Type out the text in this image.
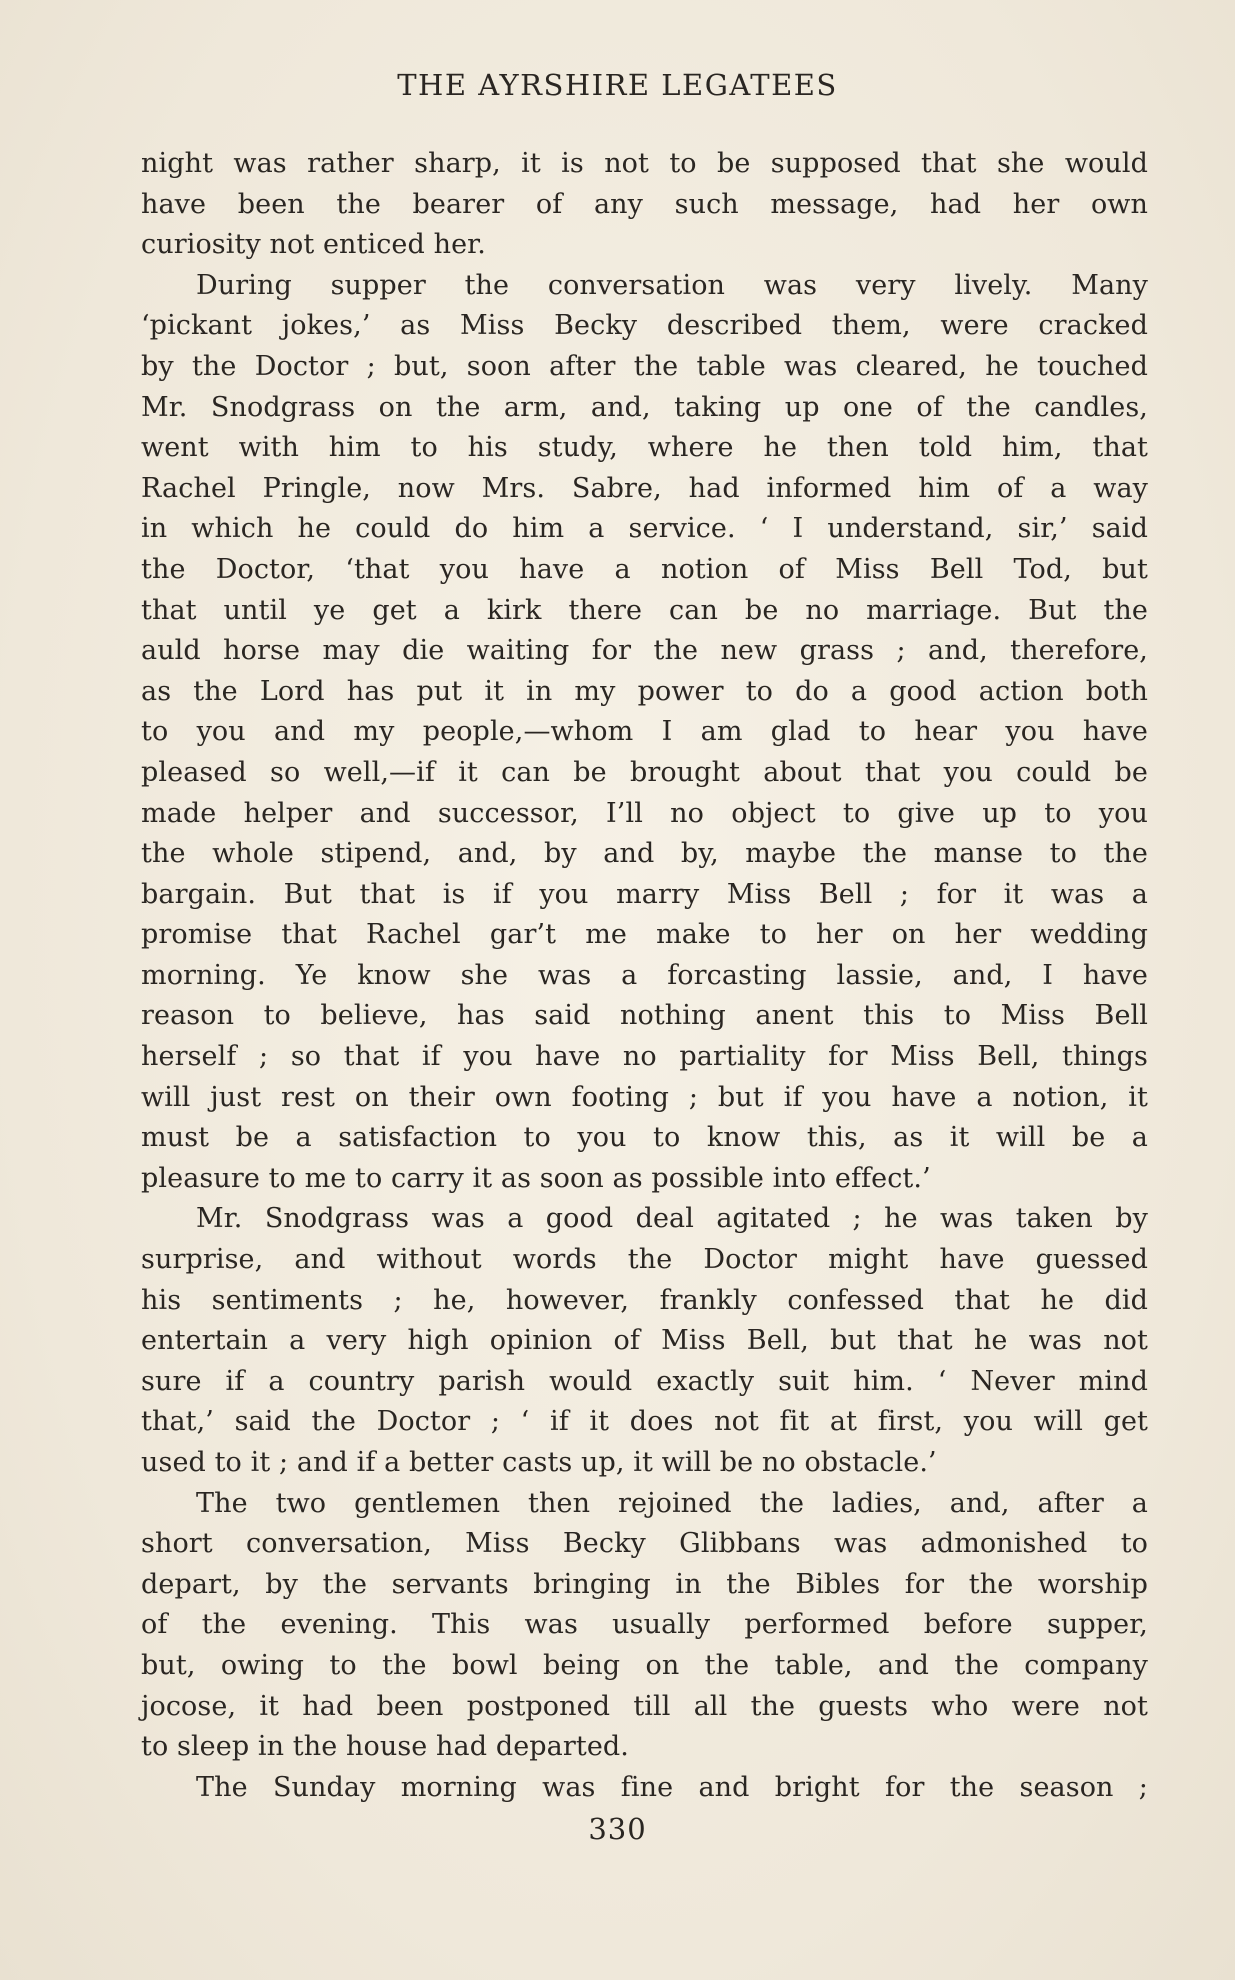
THE AYRSHIRE LEGATEES
night was rather sharp, it is not to be supposed that she would
have been the bearer of any such message, had her own
curiosity not enticed her.
During supper the conversation was very lively. Many
‘pickant jokes,’ as Miss Becky described them, were cracked
by the Doctor ; but, soon after the table was cleared, he touched
Mr. Snodgrass on the arm, and, taking up one of the candles,
went with him to his study, where he then told him, that
Rachel Pringle, now Mrs. Sabre, had informed him of a way
in which he could do him a service. ‘ I understand, sir,’ said
the Doctor, ‘that you have a notion of Miss Bell Tod, but
that until ye get a kirk there can be no marriage. But the
auld horse may die waiting for the new grass ; and, therefore,
as the Lord has put it in my power to do a good action both
to you and my people,—whom I am glad to hear you have
pleased so well,—if it can be brought about that you could be
made helper and successor, I’ll no object to give up to you
the whole stipend, and, by and by, maybe the manse to the
bargain. But that is if you marry Miss Bell ; for it was a
promise that Rachel gar’t me make to her on her wedding
morning. Ye know she was a forcasting lassie, and, I have
reason to believe, has said nothing anent this to Miss Bell
herself ; so that if you have no partiality for Miss Bell, things
will just rest on their own footing ; but if you have a notion, it
must be a satisfaction to you to know this, as it will be a
pleasure to me to carry it as soon as possible into effect.’
Mr. Snodgrass was a good deal agitated ; he was taken by
surprise, and without words the Doctor might have guessed
his sentiments ; he, however, frankly confessed that he did
entertain a very high opinion of Miss Bell, but that he was not
sure if a country parish would exactly suit him. ‘ Never mind
that,’ said the Doctor ; ‘ if it does not fit at first, you will get
used to it ; and if a better casts up, it will be no obstacle.’
The two gentlemen then rejoined the ladies, and, after a
short conversation, Miss Becky Glibbans was admonished to
depart, by the servants bringing in the Bibles for the worship
of the evening. This was usually performed before supper,
but, owing to the bowl being on the table, and the company
jocose, it had been postponed till all the guests who were not
to sleep in the house had departed.
The Sunday morning was fine and bright for the season ;
330
